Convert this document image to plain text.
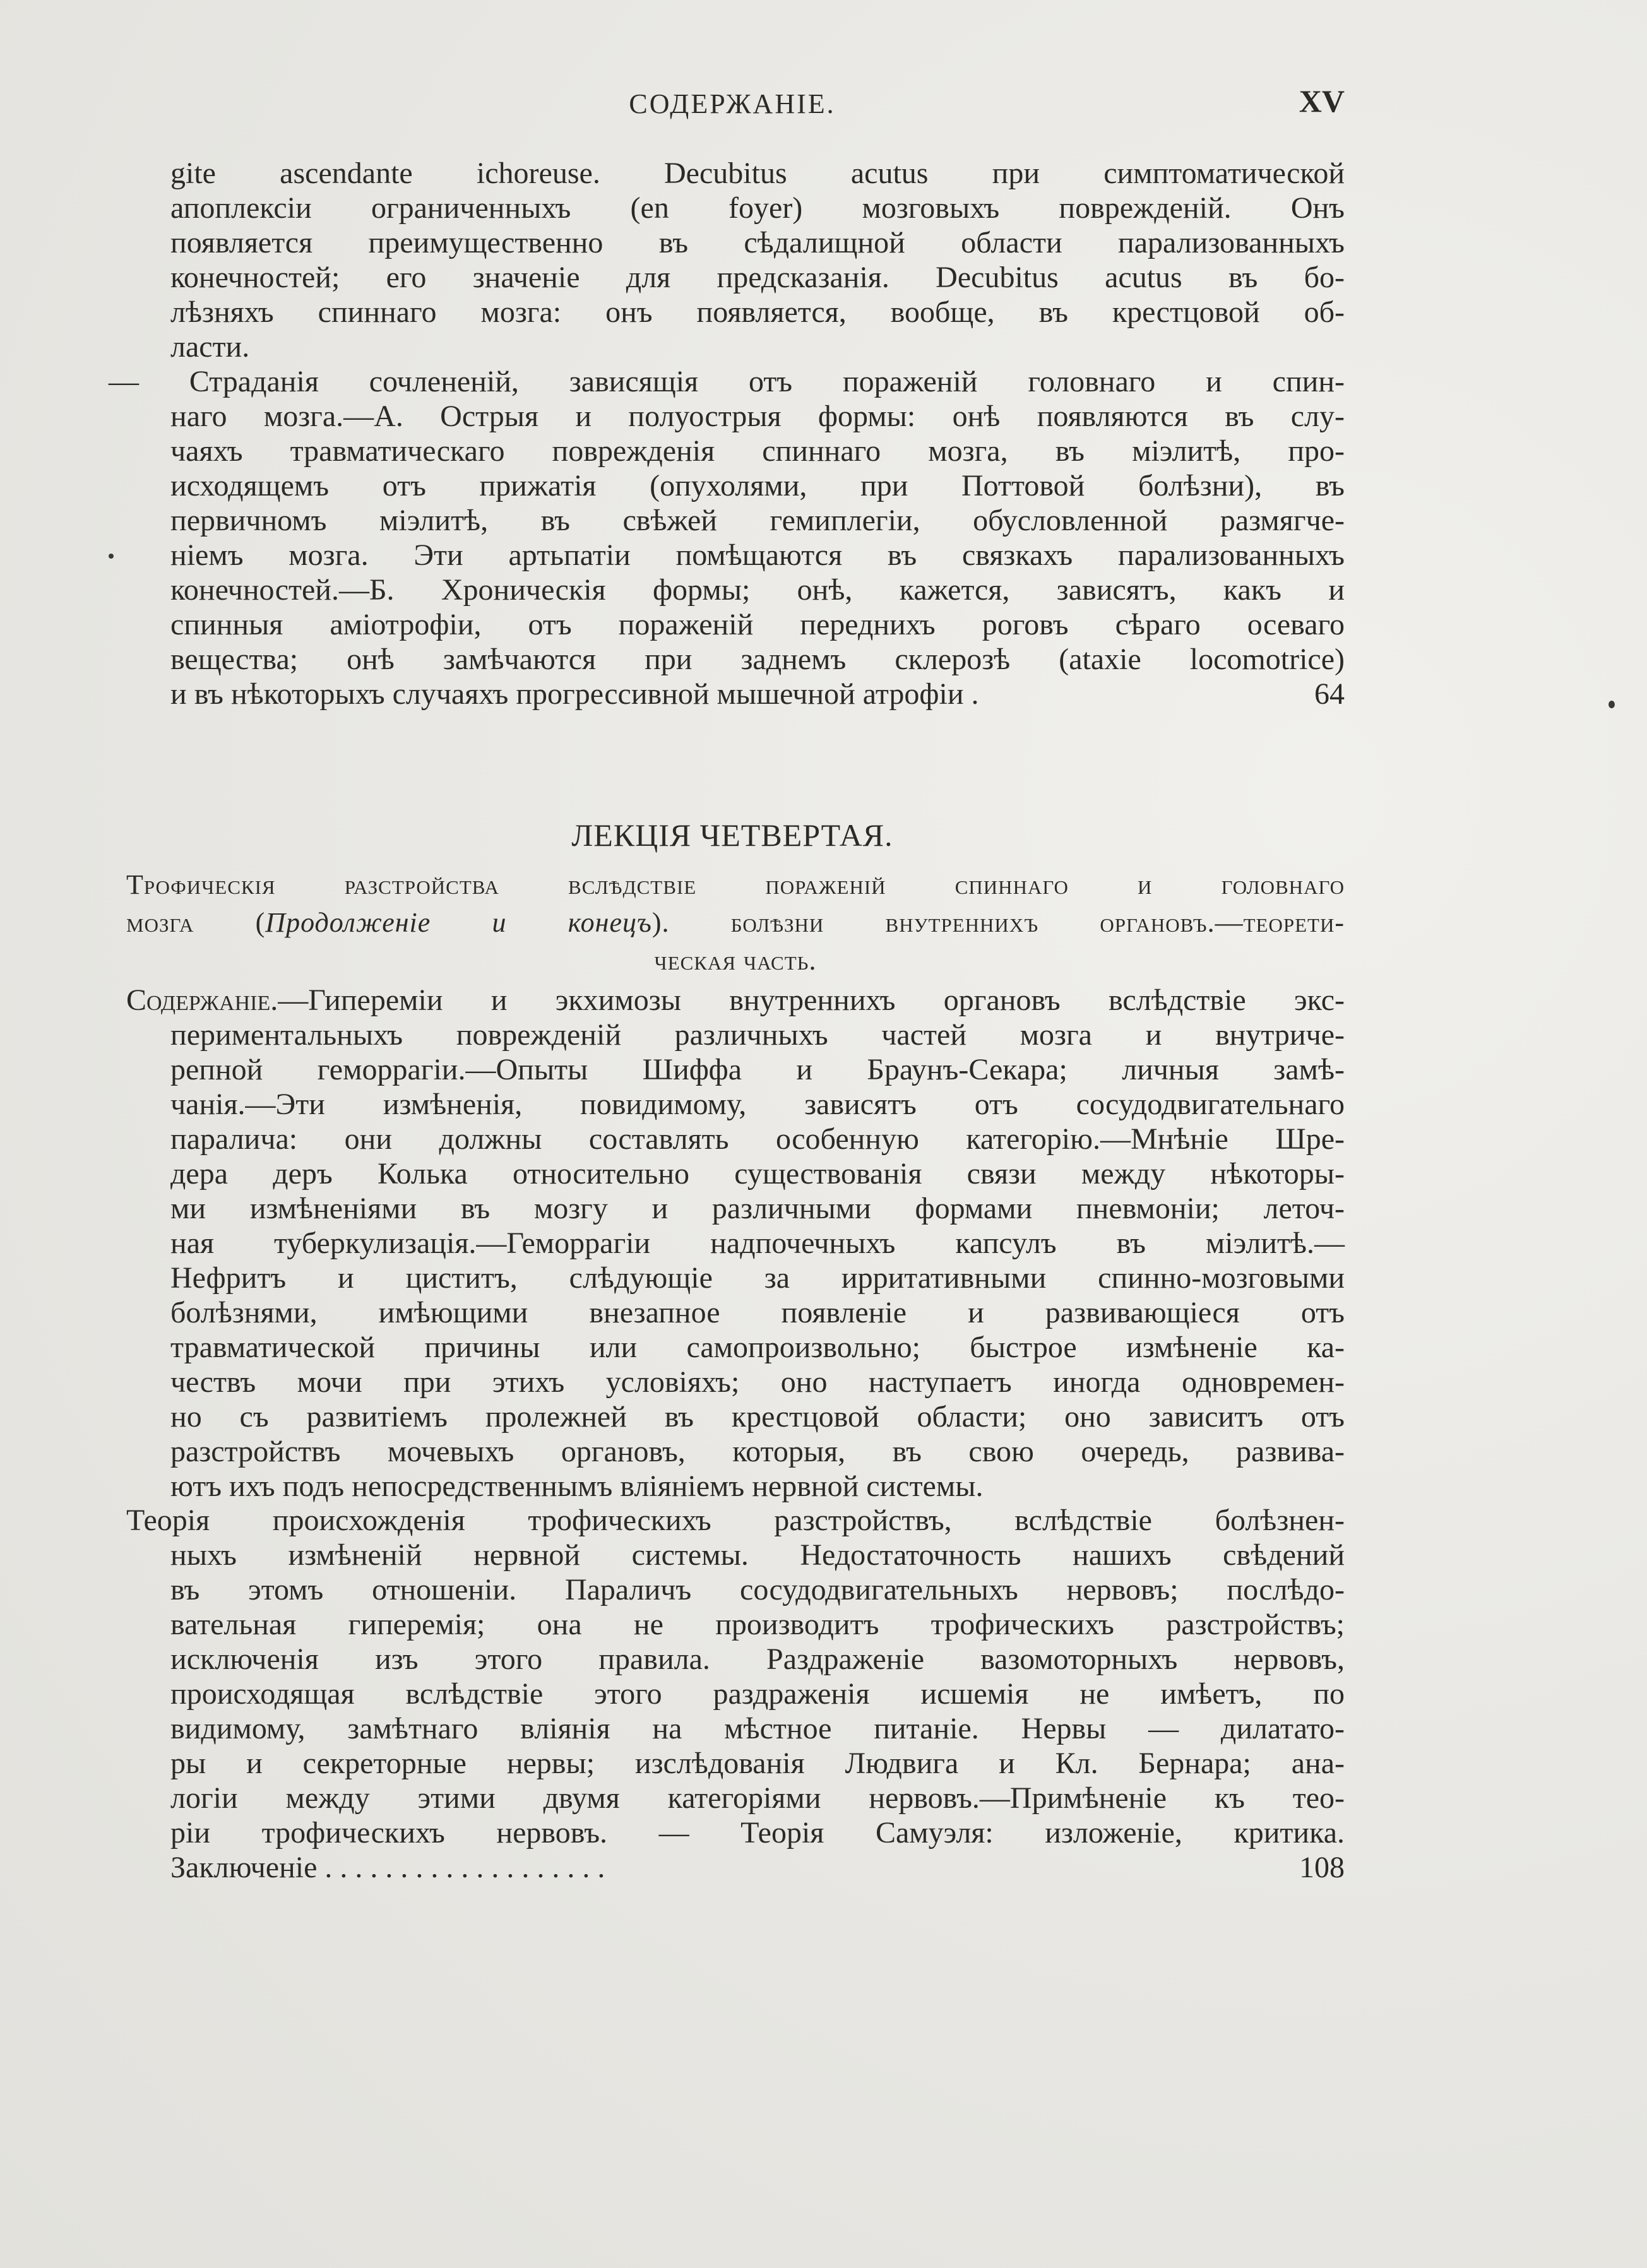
СОДЕРЖАНІЕ.	XV
gite ascendante ichoreuse. Decubitus acutus при симптоматической
апоплексіи ограниченныхъ (en foyer) мозговыхъ поврежденій. Онъ
появляется преимущественно въ сѣдалищной области парализованныхъ
конечностей; его значеніе для предсказанія. Decubitus acutus въ бо-
лѣзняхъ спиннаго мозга: онъ появляется, вообще, въ крестцовой об-
ласти.
— Страданія сочлененій, зависящія отъ пораженій головнаго и спин-
наго мозга.—А. Острыя и полуострыя формы: онѣ появляются въ слу-
чаяхъ травматическаго поврежденія спиннаго мозга, въ міэлитѣ, про-
исходящемъ отъ прижатія (опухолями, при Поттовой болѣзни), въ
первичномъ міэлитѣ, въ свѣжей гемиплегіи, обусловленной размягче-
ніемъ мозга. Эти артьпатіи помѣщаются въ связкахъ парализованныхъ
конечностей.—Б. Хроническія формы; онѣ, кажется, зависятъ, какъ и
спинныя аміотрофіи, отъ пораженій переднихъ роговъ сѣраго осеваго
вещества; онѣ замѣчаются при заднемъ склерозѣ (ataxie locomotrice)
и въ нѣкоторыхъ случаяхъ прогрессивной мышечной атрофіи .	64
ЛЕКЦІЯ ЧЕТВЕРТАЯ.
Трофическія разстройства вслѣдствіе пораженій спиннаго и головнаго
мозга (Продолженіе и конецъ). болѣзни внутреннихъ органовъ.—теорети-
ческая часть.
Содержаніе.—Гипереміи и экхимозы внутреннихъ органовъ вслѣдствіе экс-
периментальныхъ поврежденій различныхъ частей мозга и внутриче-
репной геморрагіи.—Опыты Шиффа и Браунъ-Секара; личныя замѣ-
чанія.—Эти измѣненія, повидимому, зависятъ отъ сосудодвигательнаго
паралича: они должны составлять особенную категорію.—Мнѣніе Шре-
дера деръ Колька относительно существованія связи между нѣкоторы-
ми измѣненіями въ мозгу и различными формами пневмоніи; леточ-
ная туберкулизація.—Геморрагіи надпочечныхъ капсулъ въ міэлитѣ.—
Нефритъ и циститъ, слѣдующіе за ирритативными спинно-мозговыми
болѣзнями, имѣющими внезапное появленіе и развивающіеся отъ
травматической причины или самопроизвольно; быстрое измѣненіе ка-
чествъ мочи при этихъ условіяхъ; оно наступаетъ иногда одновремен-
но съ развитіемъ пролежней въ крестцовой области; оно зависитъ отъ
разстройствъ мочевыхъ органовъ, которыя, въ свою очередь, развива-
ютъ ихъ подъ непосредственнымъ вліяніемъ нервной системы.
Теорія происхожденія трофическихъ разстройствъ, вслѣдствіе болѣзнен-
ныхъ измѣненій нервной системы. Недостаточность нашихъ свѣдений
въ этомъ отношеніи. Параличъ сосудодвигательныхъ нервовъ; послѣдо-
вательная гиперемія; она не производитъ трофическихъ разстройствъ;
исключенія изъ этого правила. Раздраженіе вазомоторныхъ нервовъ,
происходящая вслѣдствіе этого раздраженія исшемія не имѣетъ, по
видимому, замѣтнаго вліянія на мѣстное питаніе. Нервы — дилатато-
ры и секреторные нервы; изслѣдованія Людвига и Кл. Бернара; ана-
логіи между этими двумя категоріями нервовъ.—Примѣненіе къ тео-
ріи трофическихъ нервовъ. — Теорія Самуэля: изложеніе, критика.
Заключеніе . . . . . . . . . . . . . . . . . . .	108
